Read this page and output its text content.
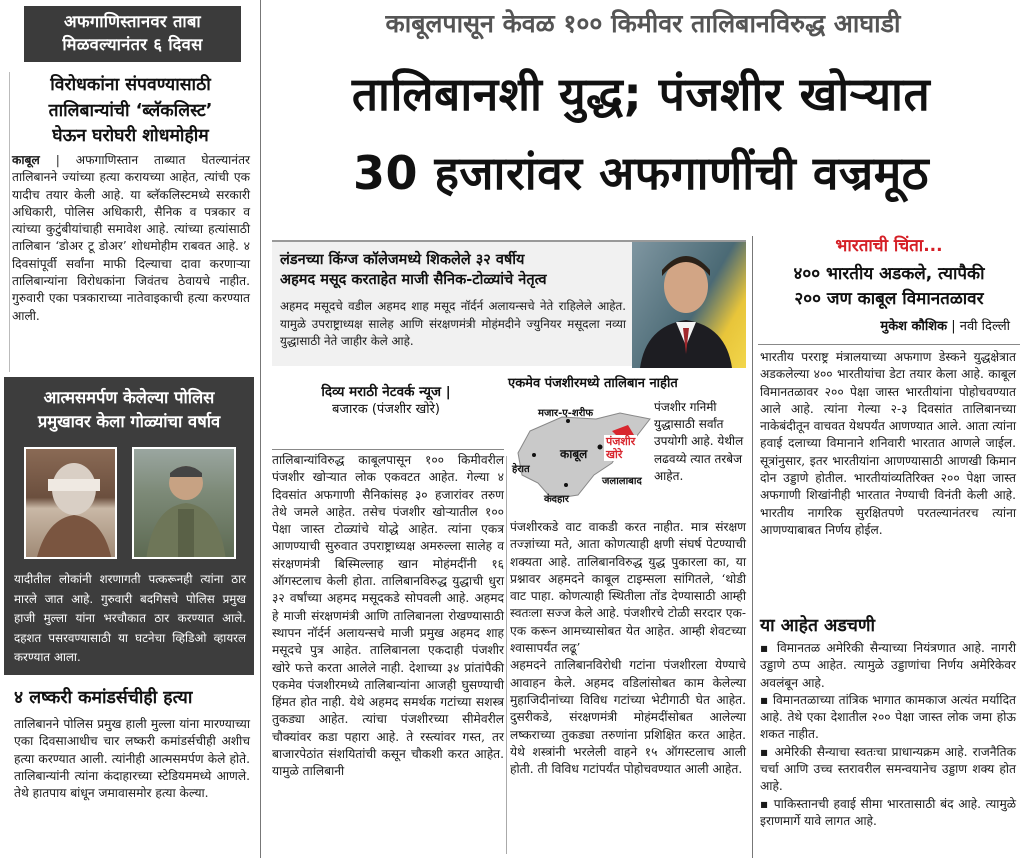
अफगाणिस्तानवर ताबा
मिळवल्यानंतर ६ दिवस
विरोधकांना संपवण्यासाठी
तालिबान्यांची ‘ब्लॅकलिस्ट’
घेऊन घरोघरी शोधमोहीम

काबूल | अफगाणिस्तान ताब्यात घेतल्यानंतर तालिबानने ज्यांच्या हत्या करायच्या आहेत, त्यांची एक यादीच तयार केली आहे. या ब्लॅकलिस्टमध्ये सरकारी अधिकारी, पोलिस अधिकारी, सैनिक व पत्रकार व त्यांच्या कुटुंबीयांचाही समावेश आहे. त्यांच्या हत्यांसाठी तालिबान ‘डोअर टू डोअर’ शोधमोहीम राबवत आहे. ४ दिवसांपूर्वी सर्वांना माफी दिल्याचा दावा करणाऱ्या तालिबान्यांना विरोधकांना जिवंतच ठेवायचे नाहीत. गुरुवारी एका पत्रकाराच्या नातेवाइकाची हत्या करण्यात आली.

आत्मसमर्पण केलेल्या पोलिस
प्रमुखावर केला गोळ्यांचा वर्षाव
यादीतील लोकांनी शरणागती पत्करूनही त्यांना ठार मारले जात आहे. गुरुवारी बदगिसचे पोलिस प्रमुख हाजी मुल्ला यांना भरचौकात ठार करण्यात आले. दहशत पसरवण्यासाठी या घटनेचा व्हिडिओ व्हायरल करण्यात आला.
४ लष्करी कमांडर्सचीही हत्या

तालिबानने पोलिस प्रमुख हाली मुल्ला यांना मारण्याच्या एका दिवसाआधीच चार लष्करी कमांडर्सचीही अशीच हत्या करण्यात आली. त्यांनीही आत्मसमर्पण केले होते. तालिबान्यांनी त्यांना कंदाहारच्या स्टेडियममध्ये आणले. तेथे हातपाय बांधून जमावासमोर हत्या केल्या.

काबूलपासून केवळ १०० किमीवर तालिबानविरुद्ध आघाडी
तालिबानशी युद्ध; पंजशीर खोऱ्यात
30 हजारांवर अफगाणींची वज्रमूठ
लंडनच्या किंग्ज कॉलेजमध्ये शिकलेले ३२ वर्षीय
अहमद मसूद करताहेत माजी सैनिक-टोळ्यांचे नेतृत्व

अहमद मसूदचे वडील अहमद शाह मसूद नॉर्दर्न अलायन्सचे नेते राहिलेले आहेत. यामुळे उपराष्ट्राध्यक्ष सालेह आणि संरक्षणमंत्री मोहंमदीने ज्युनियर मसूदला नव्या युद्धासाठी नेते जाहीर केले आहे.

दिव्य मराठी नेटवर्क न्यूज |
बजारक (पंजशीर खोरे)
एकमेव पंजशीरमध्ये तालिबान नाहीत
मजार-ए-शरीफ
पंजशीर
खोरे
काबूल
हेरात
कंदहार
जलालाबाद
पंजशीर गनिमी युद्धासाठी सर्वांत उपयोगी आहे. येथील लढवय्ये त्यात तरबेज आहेत.

तालिबान्यांविरुद्ध काबूलपासून १०० किमीवरील पंजशीर खोऱ्यात लोक एकवटत आहेत. गेल्या ४ दिवसांत अफगाणी सैनिकांसह ३० हजारांवर तरुण तेथे जमले आहेत. तसेच पंजशीर खोऱ्यातील १०० पेक्षा जास्त टोळ्यांचे योद्धे आहेत. त्यांना एकत्र आणण्याची सुरुवात उपराष्ट्राध्यक्ष अमरुल्ला सालेह व संरक्षणमंत्री बिस्मिल्लाह खान मोहंमदींनी १६ ऑगस्टलाच केली होता. तालिबानविरुद्ध युद्धाची धुरा ३२ वर्षांच्या अहमद मसूदकडे सोपवली आहे. अहमद हे माजी संरक्षणमंत्री आणि तालिबानला रोखण्यासाठी स्थापन नॉर्दर्न अलायन्सचे माजी प्रमुख अहमद शाह मसूदचे पुत्र आहेत. तालिबानला एकदाही पंजशीर खोरे फत्ते करता आलेले नाही. देशाच्या ३४ प्रांतांपैकी एकमेव पंजशीरमध्ये तालिबान्यांना आजही घुसण्याची हिंमत होत नाही. येथे अहमद समर्थक गटांच्या सशस्त्र तुकड्या आहेत. त्यांचा पंजशीरच्या सीमेवरील चौक्यांवर कडा पहारा आहे. ते रस्त्यांवर गस्त, तर बाजारपेठांत संशयितांची कसून चौकशी करत आहेत. यामुळे तालिबानी

पंजशीरकडे वाट वाकडी करत नाहीत. मात्र संरक्षण तज्ज्ञांच्या मते, आता कोणत्याही क्षणी संघर्ष पेटण्याची शक्यता आहे. तालिबानविरुद्ध युद्ध पुकारला का, या प्रश्नावर अहमदने काबूल टाइम्सला सांगितले, ‘थोडी वाट पाहा. कोणत्याही स्थितीला तोंड देण्यासाठी आम्ही स्वतःला सज्ज केले आहे. पंजशीरचे टोळी सरदार एक-एक करून आमच्यासोबत येत आहेत. आम्ही शेवटच्या श्वासापर्यंत लढू’
अहमदने तालिबानविरोधी गटांना पंजशीरला येण्याचे आवाहन केले. अहमद वडिलांसोबत काम केलेल्या मुहाजिदीनांच्या विविध गटांच्या भेटीगाठी घेत आहेत. दुसरीकडे, संरक्षणमंत्री मोहंमदींसोबत आलेल्या लष्कराच्या तुकड्या तरुणांना प्रशिक्षित करत आहेत. येथे शस्त्रांनी भरलेली वाहने १५ ऑगस्टलाच आली होती. ती विविध गटांपर्यंत पोहोचवण्यात आली आहेत.

भारताची चिंता...
४०० भारतीय अडकले, त्यापैकी
२०० जण काबूल विमानतळावर
मुकेश कौशिक | नवी दिल्ली

भारतीय परराष्ट्र मंत्रालयाच्या अफगाण डेस्कने युद्धक्षेत्रात अडकलेल्या ४०० भारतीयांचा डेटा तयार केला आहे. काबूल विमानतळावर २०० पेक्षा जास्त भारतीयांना पोहोचवण्यात आले आहे. त्यांना गेल्या २-३ दिवसांत तालिबानच्या नाकेबंदीतून वाचवत येथपर्यंत आणण्यात आले. आता त्यांना हवाई दलाच्या विमानाने शनिवारी भारतात आणले जाईल. सूत्रांनुसार, इतर भारतीयांना आणण्यासाठी आणखी किमान दोन उड्डाणे होतील. भारतीयांव्यतिरिक्त २०० पेक्षा जास्त अफगाणी शिखांनीही भारतात नेण्याची विनंती केली आहे. भारतीय नागरिक सुरक्षितपणे परतल्यानंतरच त्यांना आणण्याबाबत निर्णय होईल.

या आहेत अडचणी

▪ विमानतळ अमेरिकी सैन्याच्या नियंत्रणात आहे. नागरी उड्डाणे ठप्प आहेत. त्यामुळे उड्डाणांचा निर्णय अमेरिकेवर अवलंबून आहे.

▪ विमानतळाच्या तांत्रिक भागात कामकाज अत्यंत मर्यादित आहे. तेथे एका देशातील २०० पेक्षा जास्त लोक जमा होऊ शकत नाहीत.

▪ अमेरिकी सैन्याचा स्वतःचा प्राधान्यक्रम आहे. राजनैतिक चर्चा आणि उच्च स्तरावरील समन्वयानेच उड्डाण शक्य होत आहे.

▪ पाकिस्तानची हवाई सीमा भारतासाठी बंद आहे. त्यामुळे इराणमार्गे यावे लागत आहे.
